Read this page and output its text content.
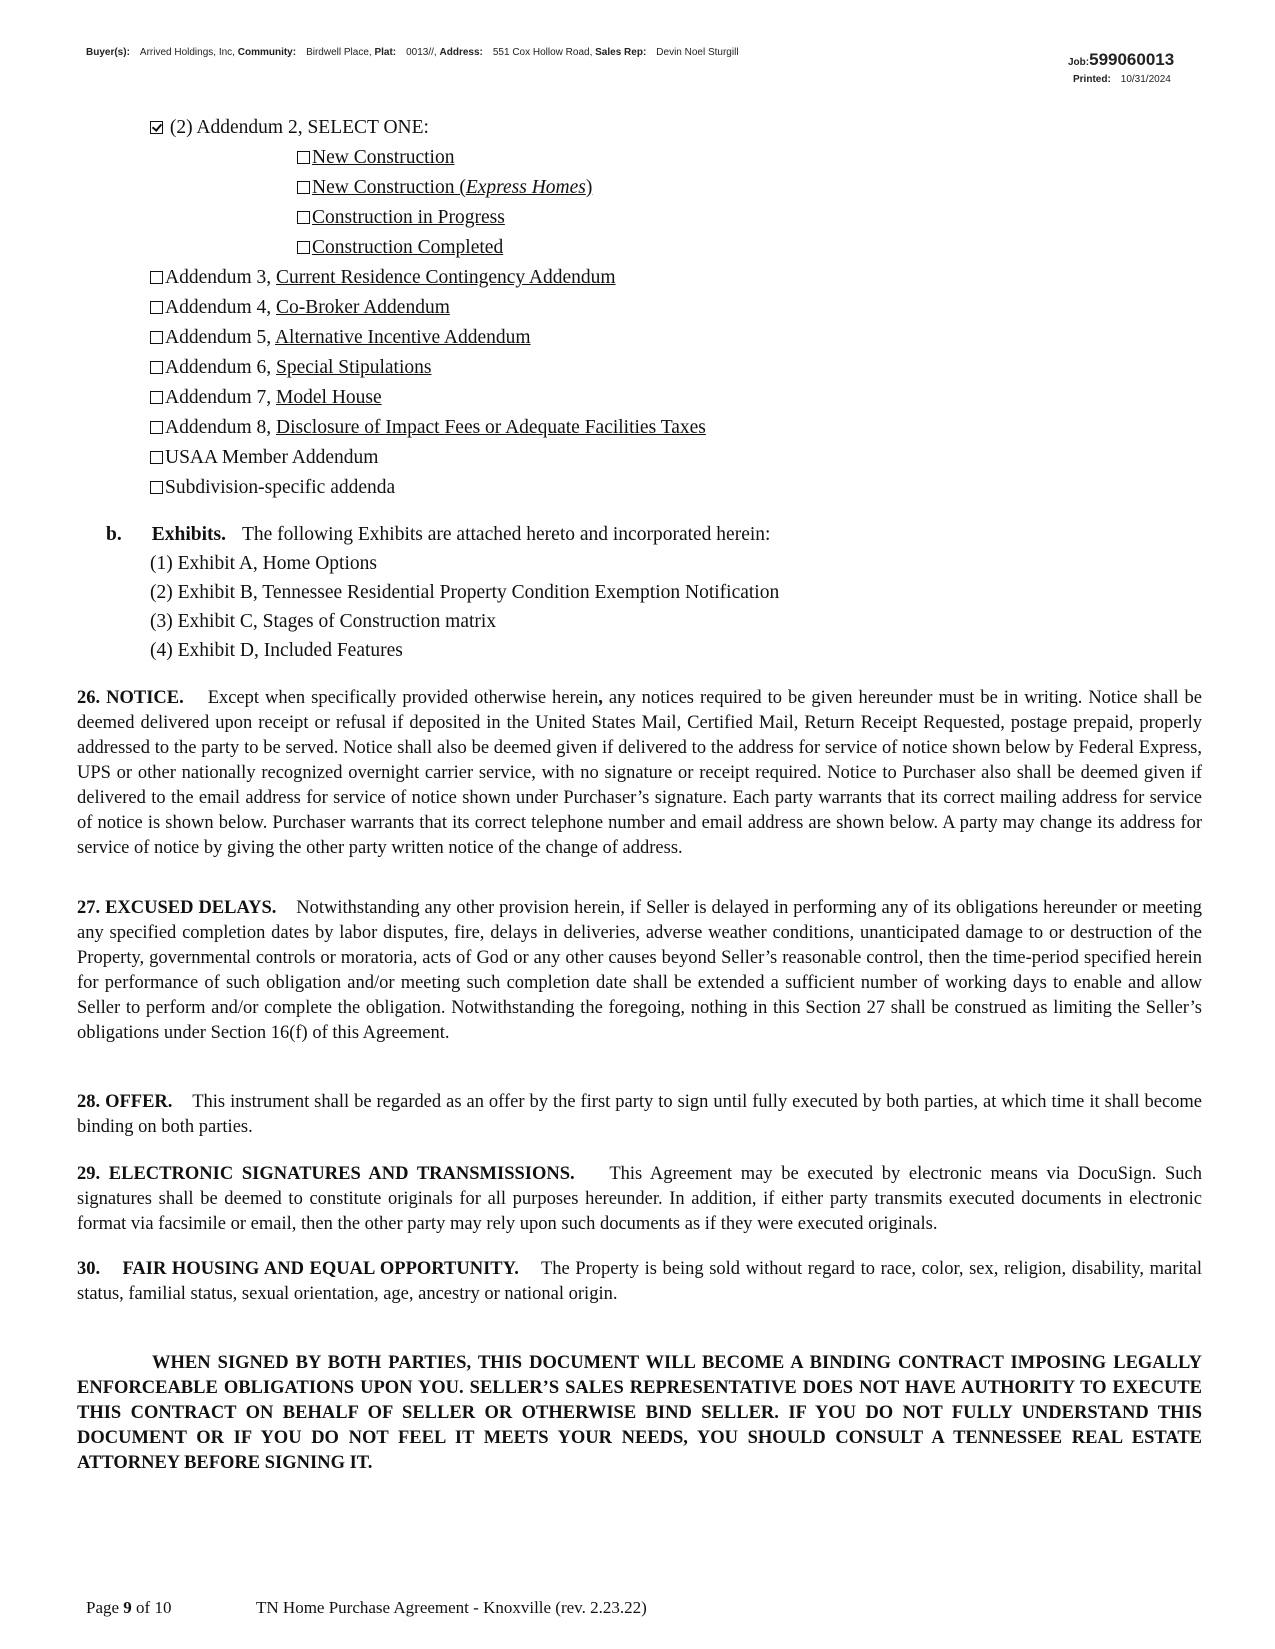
Buyer(s): Arrived Holdings, Inc, Community: Birdwell Place, Plat: 0013//, Address: 551 Cox Hollow Road, Sales Rep: Devin Noel Sturgill
Job:599060013
Printed: 10/31/2024
(2) Addendum 2, SELECT ONE:
New Construction
New Construction (Express Homes)
Construction in Progress
Construction Completed
Addendum 3, Current Residence Contingency Addendum
Addendum 4, Co-Broker Addendum
Addendum 5, Alternative Incentive Addendum
Addendum 6, Special Stipulations
Addendum 7, Model House
Addendum 8, Disclosure of Impact Fees or Adequate Facilities Taxes
USAA Member Addendum
Subdivision-specific addenda
b. Exhibits. The following Exhibits are attached hereto and incorporated herein:
(1) Exhibit A, Home Options
(2) Exhibit B, Tennessee Residential Property Condition Exemption Notification
(3) Exhibit C, Stages of Construction matrix
(4) Exhibit D, Included Features
26. NOTICE. Except when specifically provided otherwise herein, any notices required to be given hereunder must be in writing. Notice shall be deemed delivered upon receipt or refusal if deposited in the United States Mail, Certified Mail, Return Receipt Requested, postage prepaid, properly addressed to the party to be served. Notice shall also be deemed given if delivered to the address for service of notice shown below by Federal Express, UPS or other nationally recognized overnight carrier service, with no signature or receipt required. Notice to Purchaser also shall be deemed given if delivered to the email address for service of notice shown under Purchaser’s signature. Each party warrants that its correct mailing address for service of notice is shown below. Purchaser warrants that its correct telephone number and email address are shown below. A party may change its address for service of notice by giving the other party written notice of the change of address.
27. EXCUSED DELAYS. Notwithstanding any other provision herein, if Seller is delayed in performing any of its obligations hereunder or meeting any specified completion dates by labor disputes, fire, delays in deliveries, adverse weather conditions, unanticipated damage to or destruction of the Property, governmental controls or moratoria, acts of God or any other causes beyond Seller’s reasonable control, then the time-period specified herein for performance of such obligation and/or meeting such completion date shall be extended a sufficient number of working days to enable and allow Seller to perform and/or complete the obligation. Notwithstanding the foregoing, nothing in this Section 27 shall be construed as limiting the Seller’s obligations under Section 16(f) of this Agreement.
28. OFFER. This instrument shall be regarded as an offer by the first party to sign until fully executed by both parties, at which time it shall become binding on both parties.
29. ELECTRONIC SIGNATURES AND TRANSMISSIONS. This Agreement may be executed by electronic means via DocuSign. Such signatures shall be deemed to constitute originals for all purposes hereunder. In addition, if either party transmits executed documents in electronic format via facsimile or email, then the other party may rely upon such documents as if they were executed originals.
30.    FAIR HOUSING AND EQUAL OPPORTUNITY. The Property is being sold without regard to race, color, sex, religion, disability, marital status, familial status, sexual orientation, age, ancestry or national origin.
WHEN SIGNED BY BOTH PARTIES, THIS DOCUMENT WILL BECOME A BINDING CONTRACT IMPOSING LEGALLY ENFORCEABLE OBLIGATIONS UPON YOU. SELLER’S SALES REPRESENTATIVE DOES NOT HAVE AUTHORITY TO EXECUTE THIS CONTRACT ON BEHALF OF SELLER OR OTHERWISE BIND SELLER. IF YOU DO NOT FULLY UNDERSTAND THIS DOCUMENT OR IF YOU DO NOT FEEL IT MEETS YOUR NEEDS, YOU SHOULD CONSULT A TENNESSEE REAL ESTATE ATTORNEY BEFORE SIGNING IT.
Page 9 of 10	TN Home Purchase Agreement - Knoxville (rev. 2.23.22)
